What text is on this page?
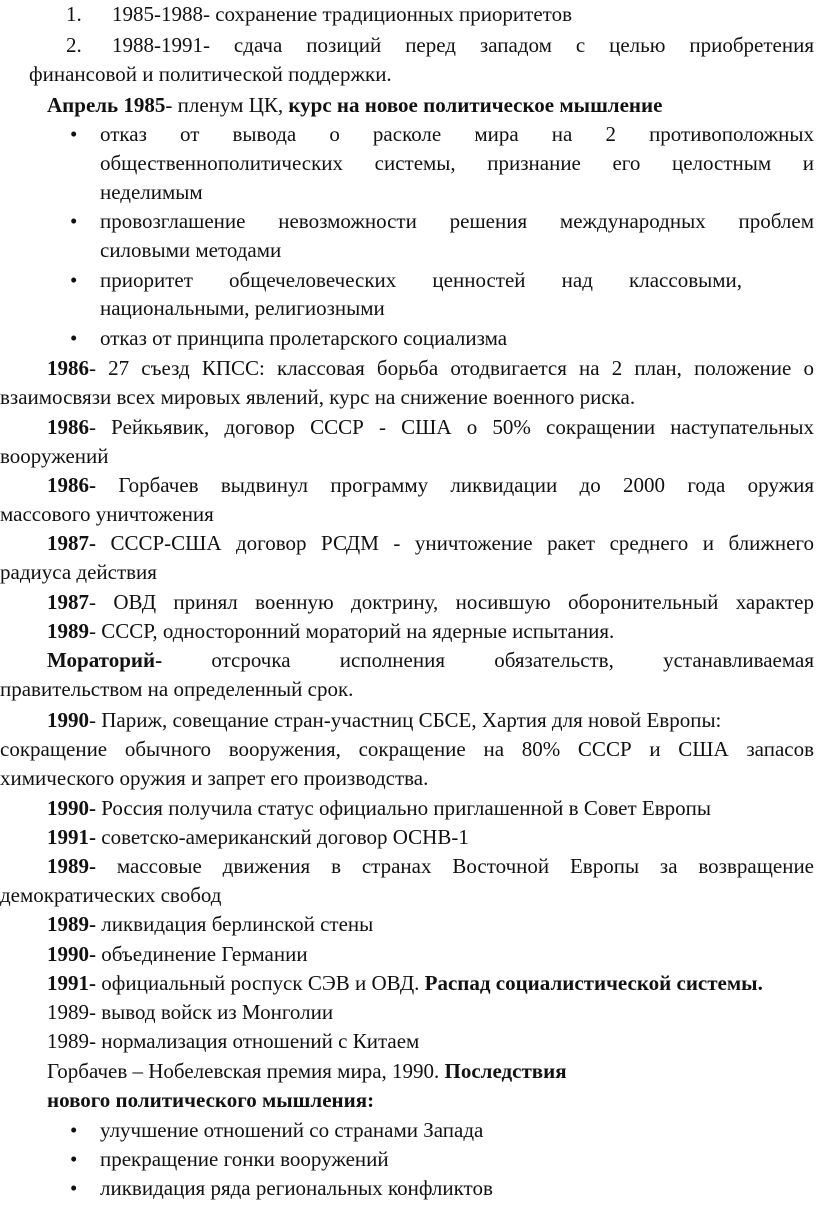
1. 1985-1988- сохранение традиционных приоритетов
2. 1988-1991- сдача позиций перед западом с целью приобретения
финансовой и политической поддержки.
Апрель 1985- пленум ЦК, курс на новое политическое мышление
• отказ от вывода о расколе мира на 2 противоположных
общественнополитических системы, признание его целостным и
неделимым
• провозглашение невозможности решения международных проблем
силовыми методами
• приоритет общечеловеческих ценностей над классовыми,
национальными, религиозными
• отказ от принципа пролетарского социализма
1986- 27 съезд КПСС: классовая борьба отодвигается на 2 план, положение о
взаимосвязи всех мировых явлений, курс на снижение военного риска.
1986- Рейкьявик, договор СССР - США о 50% сокращении наступательных
вооружений
1986- Горбачев выдвинул программу ликвидации до 2000 года оружия
массового уничтожения
1987- СССР-США договор РСДМ - уничтожение ракет среднего и ближнего
радиуса действия
1987- ОВД принял военную доктрину, носившую оборонительный характер
1989- СССР, односторонний мораторий на ядерные испытания.
Мораторий- отсрочка исполнения обязательств, устанавливаемая
правительством на определенный срок.
1990- Париж, совещание стран-участниц СБСЕ, Хартия для новой Европы:
сокращение обычного вооружения, сокращение на 80% СССР и США запасов
химического оружия и запрет его производства.
1990- Россия получила статус официально приглашенной в Совет Европы
1991- советско-американский договор ОСНВ-1
1989- массовые движения в странах Восточной Европы за возвращение
демократических свобод
1989- ликвидация берлинской стены
1990- объединение Германии
1991- официальный роспуск СЭВ и ОВД. Распад социалистической системы.
1989- вывод войск из Монголии
1989- нормализация отношений с Китаем
Горбачев – Нобелевская премия мира, 1990. Последствия
нового политического мышления:
• улучшение отношений со странами Запада
• прекращение гонки вооружений
• ликвидация ряда региональных конфликтов
